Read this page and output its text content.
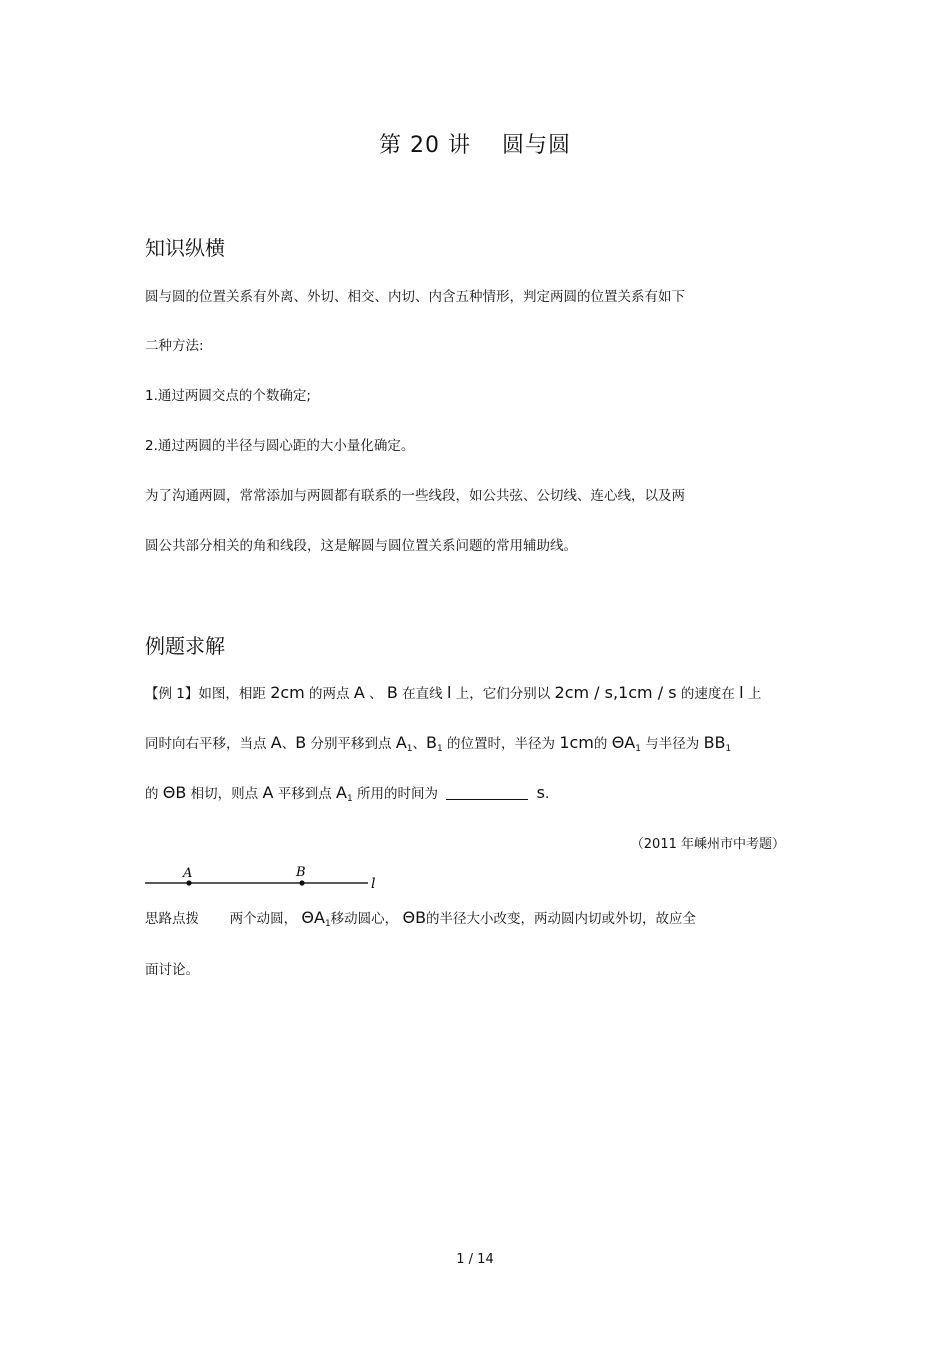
第 20 讲　 圆与圆
知识纵横
圆与圆的位置关系有外离、外切、相交、内切、内含五种情形，判定两圆的位置关系有如下
二种方法:
1.通过两圆交点的个数确定;
2.通过两圆的半径与圆心距的大小量化确定。
为了沟通两圆，常常添加与两圆都有联系的一些线段，如公共弦、公切线、连心线，以及两
圆公共部分相关的角和线段，这是解圆与圆位置关系问题的常用辅助线。
例题求解
【例 1】如图，相距 2cm 的两点 A 、 B 在直线 l 上，它们分别以 2cm / s,1cm / s 的速度在 l 上
同时向右平移，当点 A、B 分别平移到点 $A_1$、$B_1$ 的位置时，半径为 1cm的 $\Theta A_1$ 与半径为 $BB_1$
的 ΘB 相切，则点 A 平移到点 $A_1$ 所用的时间为	s.
（2011 年嵊州市中考题）
A	B
l
思路点拨 两个动圆， $\Theta A_1$移动圆心， ΘB的半径大小改变，两动圆内切或外切，故应全
面讨论。
1 / 14
